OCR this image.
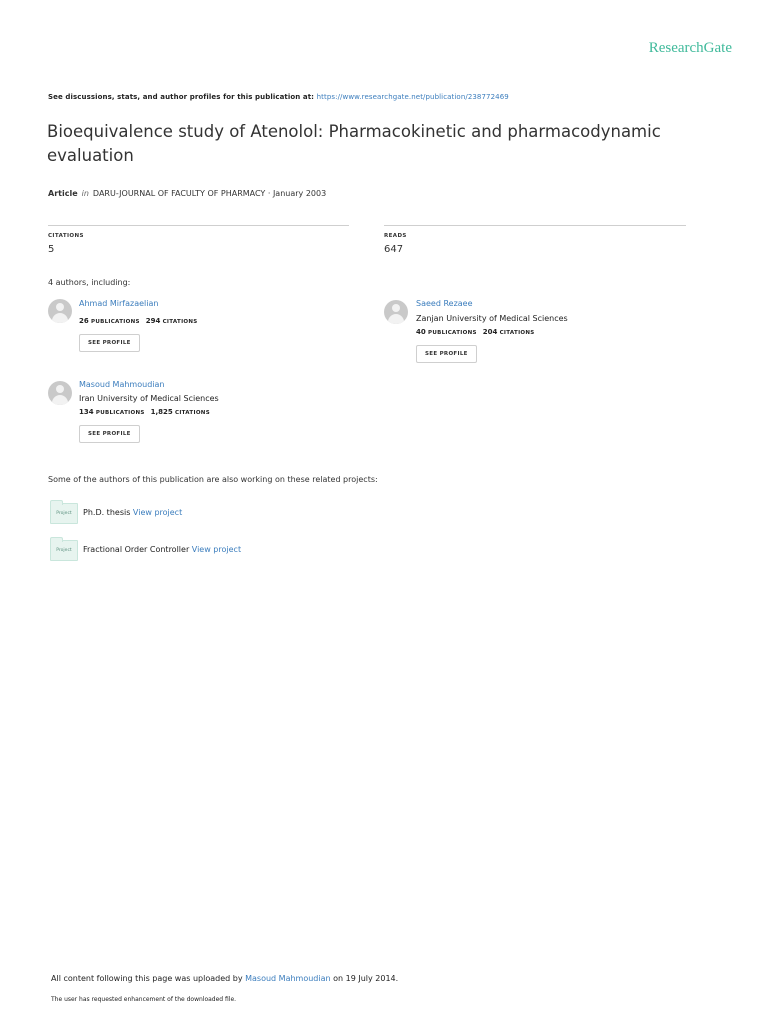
ResearchGate
See discussions, stats, and author profiles for this publication at: https://www.researchgate.net/publication/238772469
Bioequivalence study of Atenolol: Pharmacokinetic and pharmacodynamic evaluation
Article in DARU-JOURNAL OF FACULTY OF PHARMACY · January 2003
CITATIONS
5
READS
647
4 authors, including:
Ahmad Mirfazaelian
26 PUBLICATIONS 294 CITATIONS
SEE PROFILE
Saeed Rezaee
Zanjan University of Medical Sciences
40 PUBLICATIONS 204 CITATIONS
SEE PROFILE
Masoud Mahmoudian
Iran University of Medical Sciences
134 PUBLICATIONS 1,825 CITATIONS
SEE PROFILE
Some of the authors of this publication are also working on these related projects:
Project	Ph.D. thesis View project
Project	Fractional Order Controller View project
All content following this page was uploaded by Masoud Mahmoudian on 19 July 2014.
The user has requested enhancement of the downloaded file.
